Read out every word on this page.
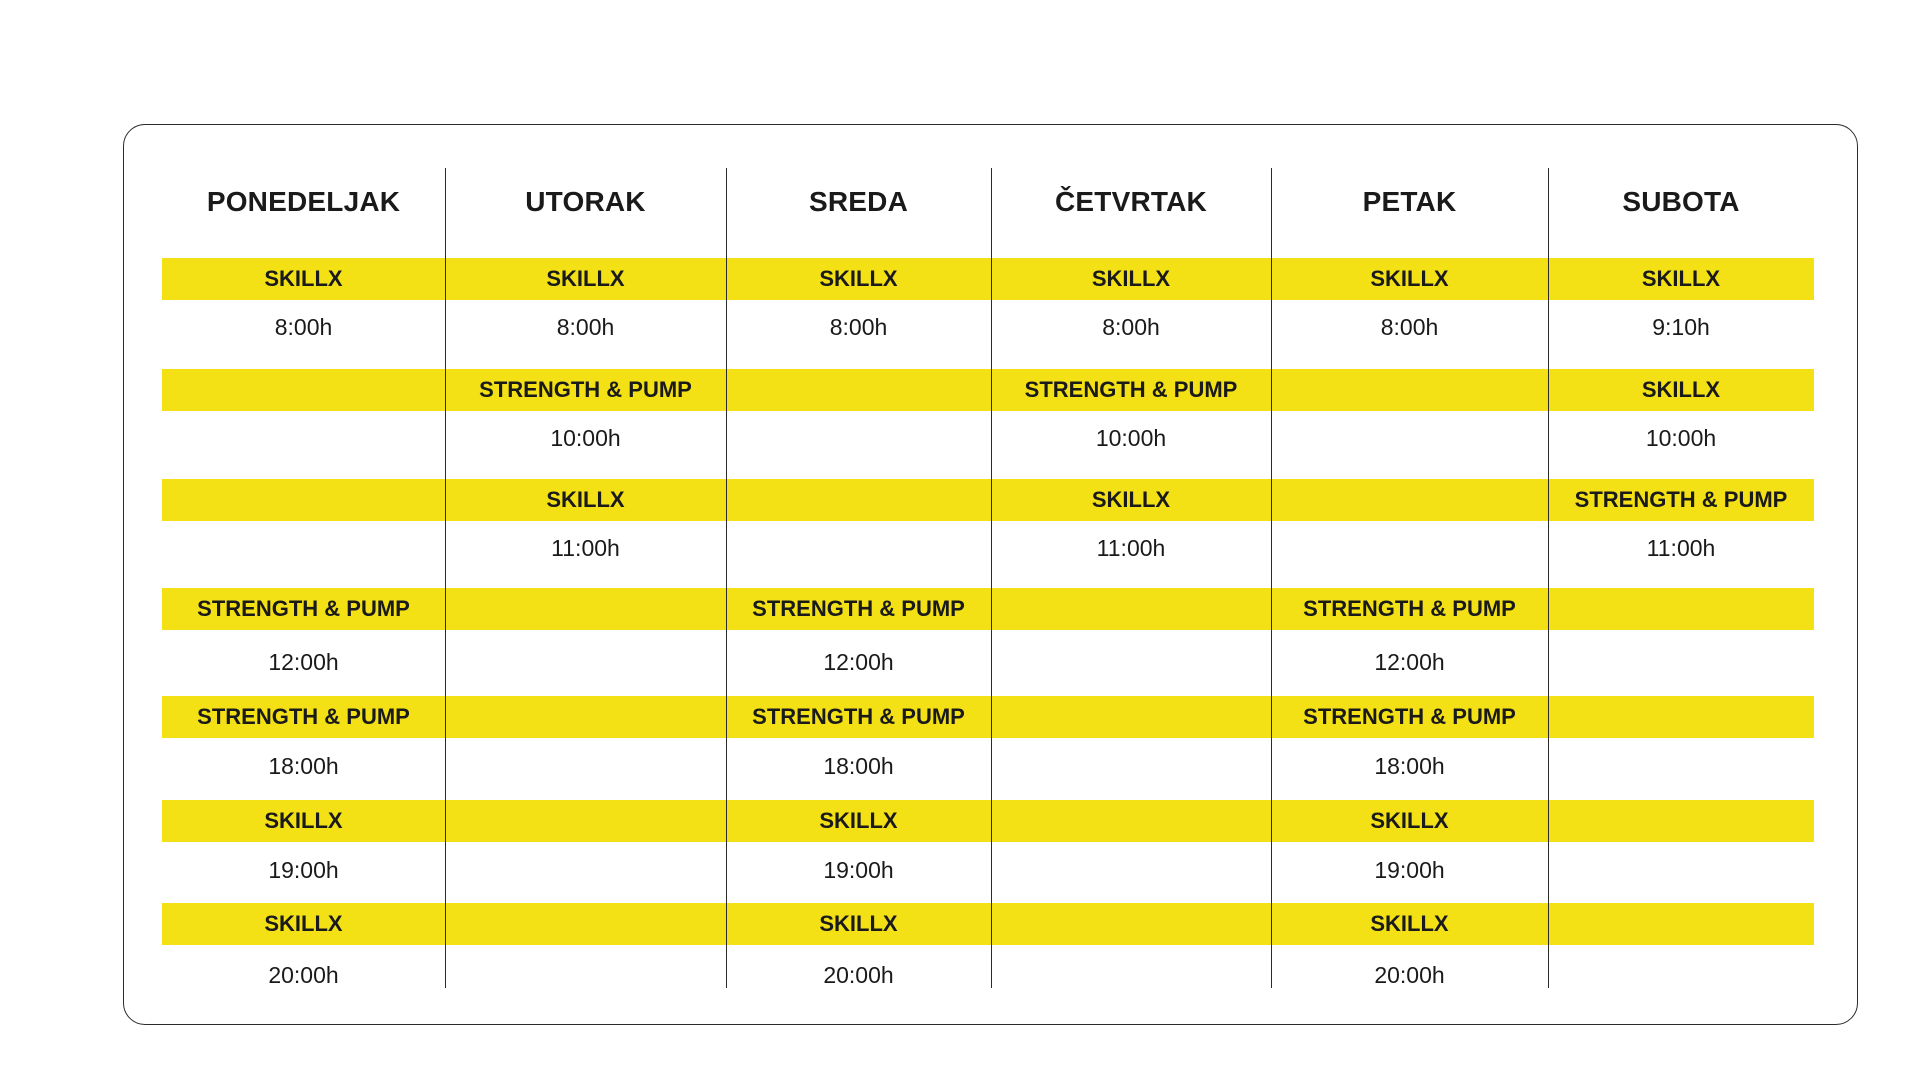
PONEDELJAK
SKILLX
8:00h
STRENGTH & PUMP
12:00h
STRENGTH & PUMP
18:00h
SKILLX
19:00h
SKILLX
20:00h
UTORAK
SKILLX
8:00h
STRENGTH & PUMP
10:00h
SKILLX
11:00h
SREDA
SKILLX
8:00h
STRENGTH & PUMP
12:00h
STRENGTH & PUMP
18:00h
SKILLX
19:00h
SKILLX
20:00h
ČETVRTAK
SKILLX
8:00h
STRENGTH & PUMP
10:00h
SKILLX
11:00h
PETAK
SKILLX
8:00h
STRENGTH & PUMP
12:00h
STRENGTH & PUMP
18:00h
SKILLX
19:00h
SKILLX
20:00h
SUBOTA
SKILLX
9:10h
SKILLX
10:00h
STRENGTH & PUMP
11:00h
